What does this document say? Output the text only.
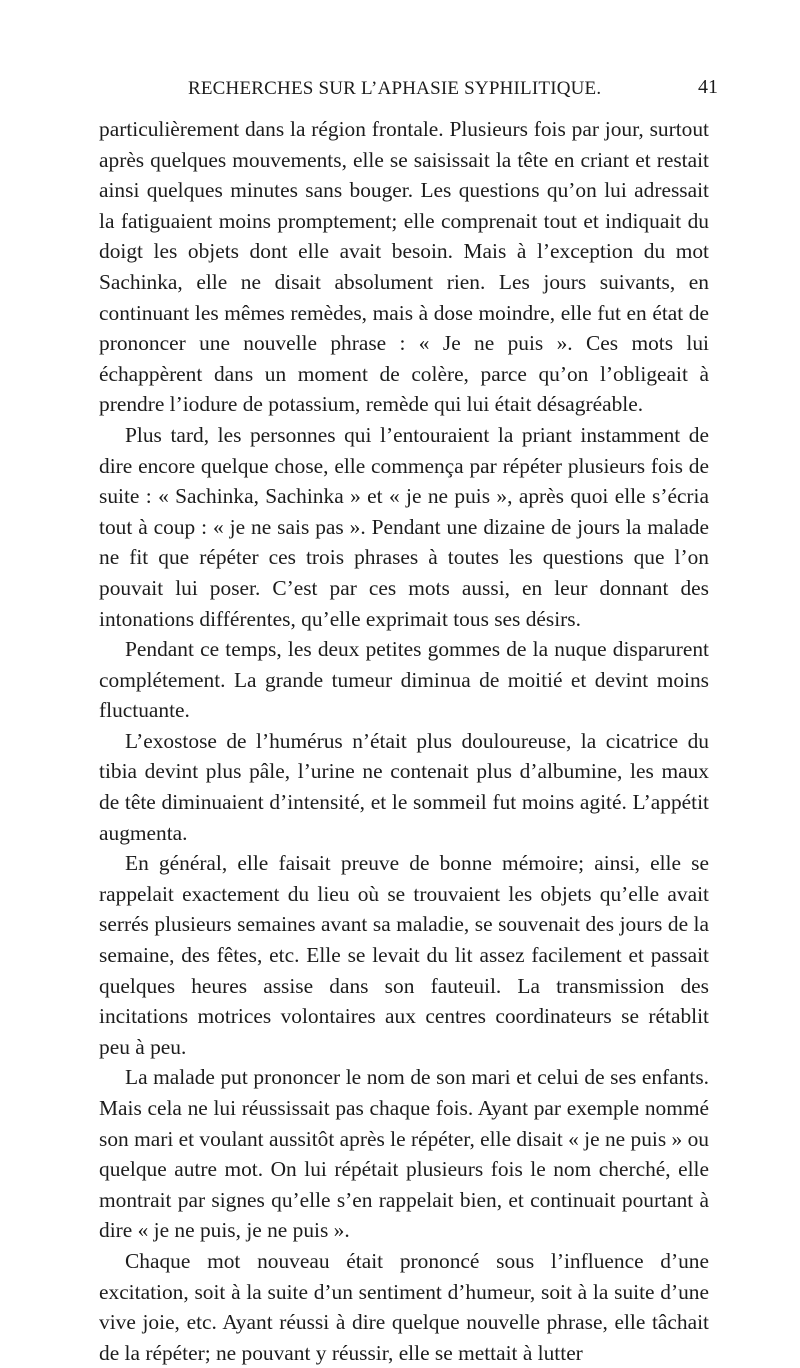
RECHERCHES SUR L’APHASIE SYPHILITIQUE.	41

particulièrement dans la région frontale. Plusieurs fois par jour, surtout après quelques mouvements, elle se saisissait la tête en criant et restait ainsi quelques minutes sans bouger. Les questions qu’on lui adressait la fatiguaient moins promptement; elle comprenait tout et indiquait du doigt les objets dont elle avait besoin. Mais à l’exception du mot Sachinka, elle ne disait absolument rien. Les jours suivants, en continuant les mêmes remèdes, mais à dose moindre, elle fut en état de prononcer une nouvelle phrase : « Je ne puis ». Ces mots lui échappèrent dans un moment de colère, parce qu’on l’obligeait à prendre l’iodure de potassium, remède qui lui était désagréable.

Plus tard, les personnes qui l’entouraient la priant instamment de dire encore quelque chose, elle commença par répéter plusieurs fois de suite : « Sachinka, Sachinka » et « je ne puis », après quoi elle s’écria tout à coup : « je ne sais pas ». Pendant une dizaine de jours la malade ne fit que répéter ces trois phrases à toutes les questions que l’on pouvait lui poser. C’est par ces mots aussi, en leur donnant des intonations différentes, qu’elle exprimait tous ses désirs.

Pendant ce temps, les deux petites gommes de la nuque disparurent complétement. La grande tumeur diminua de moitié et devint moins fluctuante.

L’exostose de l’humérus n’était plus douloureuse, la cicatrice du tibia devint plus pâle, l’urine ne contenait plus d’albumine, les maux de tête diminuaient d’intensité, et le sommeil fut moins agité. L’appétit augmenta.

En général, elle faisait preuve de bonne mémoire; ainsi, elle se rappelait exactement du lieu où se trouvaient les objets qu’elle avait serrés plusieurs semaines avant sa maladie, se souvenait des jours de la semaine, des fêtes, etc. Elle se levait du lit assez facilement et passait quelques heures assise dans son fauteuil. La transmission des incitations motrices volontaires aux centres coordinateurs se rétablit peu à peu.

La malade put prononcer le nom de son mari et celui de ses enfants. Mais cela ne lui réussissait pas chaque fois. Ayant par exemple nommé son mari et voulant aussitôt après le répéter, elle disait « je ne puis » ou quelque autre mot. On lui répétait plusieurs fois le nom cherché, elle montrait par signes qu’elle s’en rappelait bien, et continuait pourtant à dire « je ne puis, je ne puis ».

Chaque mot nouveau était prononcé sous l’influence d’une excitation, soit à la suite d’un sentiment d’humeur, soit à la suite d’une vive joie, etc. Ayant réussi à dire quelque nouvelle phrase, elle tâchait de la répéter; ne pouvant y réussir, elle se mettait à lutter
